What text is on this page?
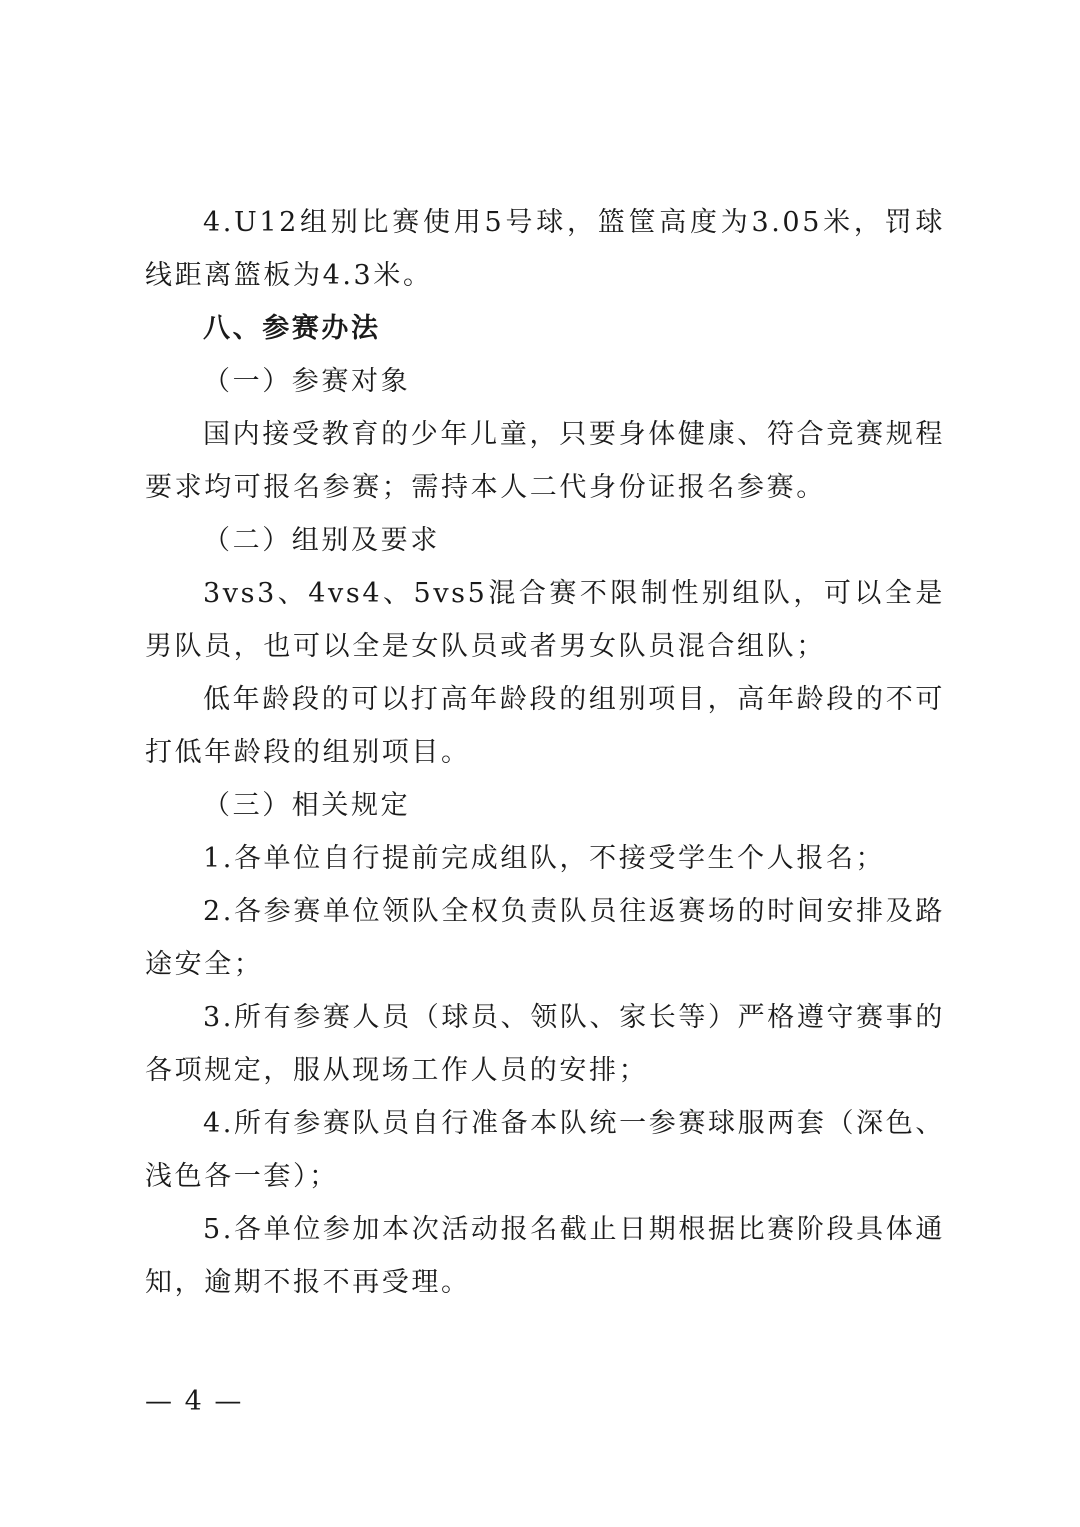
4.U12组别比赛使用5号球，篮筐高度为3.05米，罚球线距离篮板为4.3米。

八、参赛办法

（一）参赛对象

国内接受教育的少年儿童，只要身体健康、符合竞赛规程要求均可报名参赛；需持本人二代身份证报名参赛。

（二）组别及要求

3vs3、4vs4、5vs5混合赛不限制性别组队，可以全是男队员，也可以全是女队员或者男女队员混合组队；

低年龄段的可以打高年龄段的组别项目，高年龄段的不可打低年龄段的组别项目。

（三）相关规定

1.各单位自行提前完成组队，不接受学生个人报名；

2.各参赛单位领队全权负责队员往返赛场的时间安排及路途安全；

3.所有参赛人员（球员、领队、家长等）严格遵守赛事的各项规定，服从现场工作人员的安排；

4.所有参赛队员自行准备本队统一参赛球服两套（深色、浅色各一套）；

5.各单位参加本次活动报名截止日期根据比赛阶段具体通知，逾期不报不再受理。

— 4 —
